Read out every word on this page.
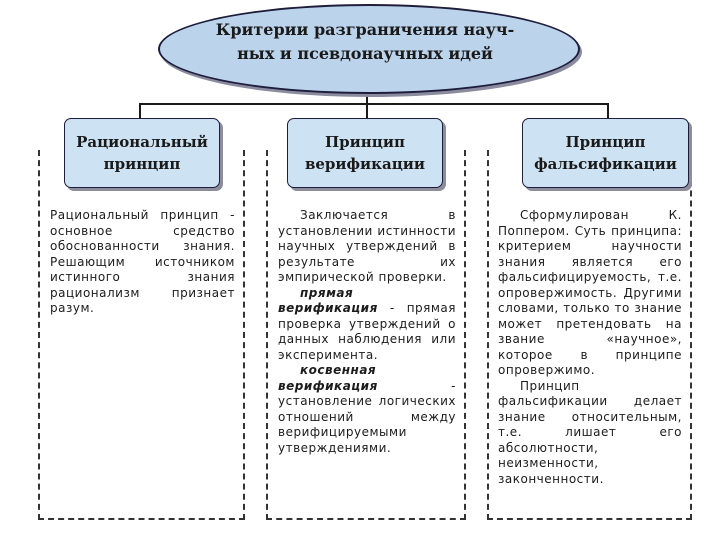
Критерии разграничения науч-
ных и псевдонаучных идей
Рациональный
принцип
Принцип
верификации
Принцип
фальсификации

Рациональный принцип - основное средство обоснованности знания. Решающим источником истинного знания рационализм признает разум.

Заключается в установлении истинности научных утверждений в результате их эмпирической проверки.

прямая верификация - прямая проверка утверждений о данных наблюдения или эксперимента.

косвенная верификация - установление логических отношений между верифицируемыми утверждениями.

Сформулирован К. Поппером. Суть принципа: критерием научности знания является его фальсифицируемость, т.е. опровержимость. Другими словами, только то знание может претендовать на звание «научное», которое в принципе опровержимо.

Принцип фальсификации делает знание относительным, т.е. лишает его абсолютности, неизменности, законченности.
